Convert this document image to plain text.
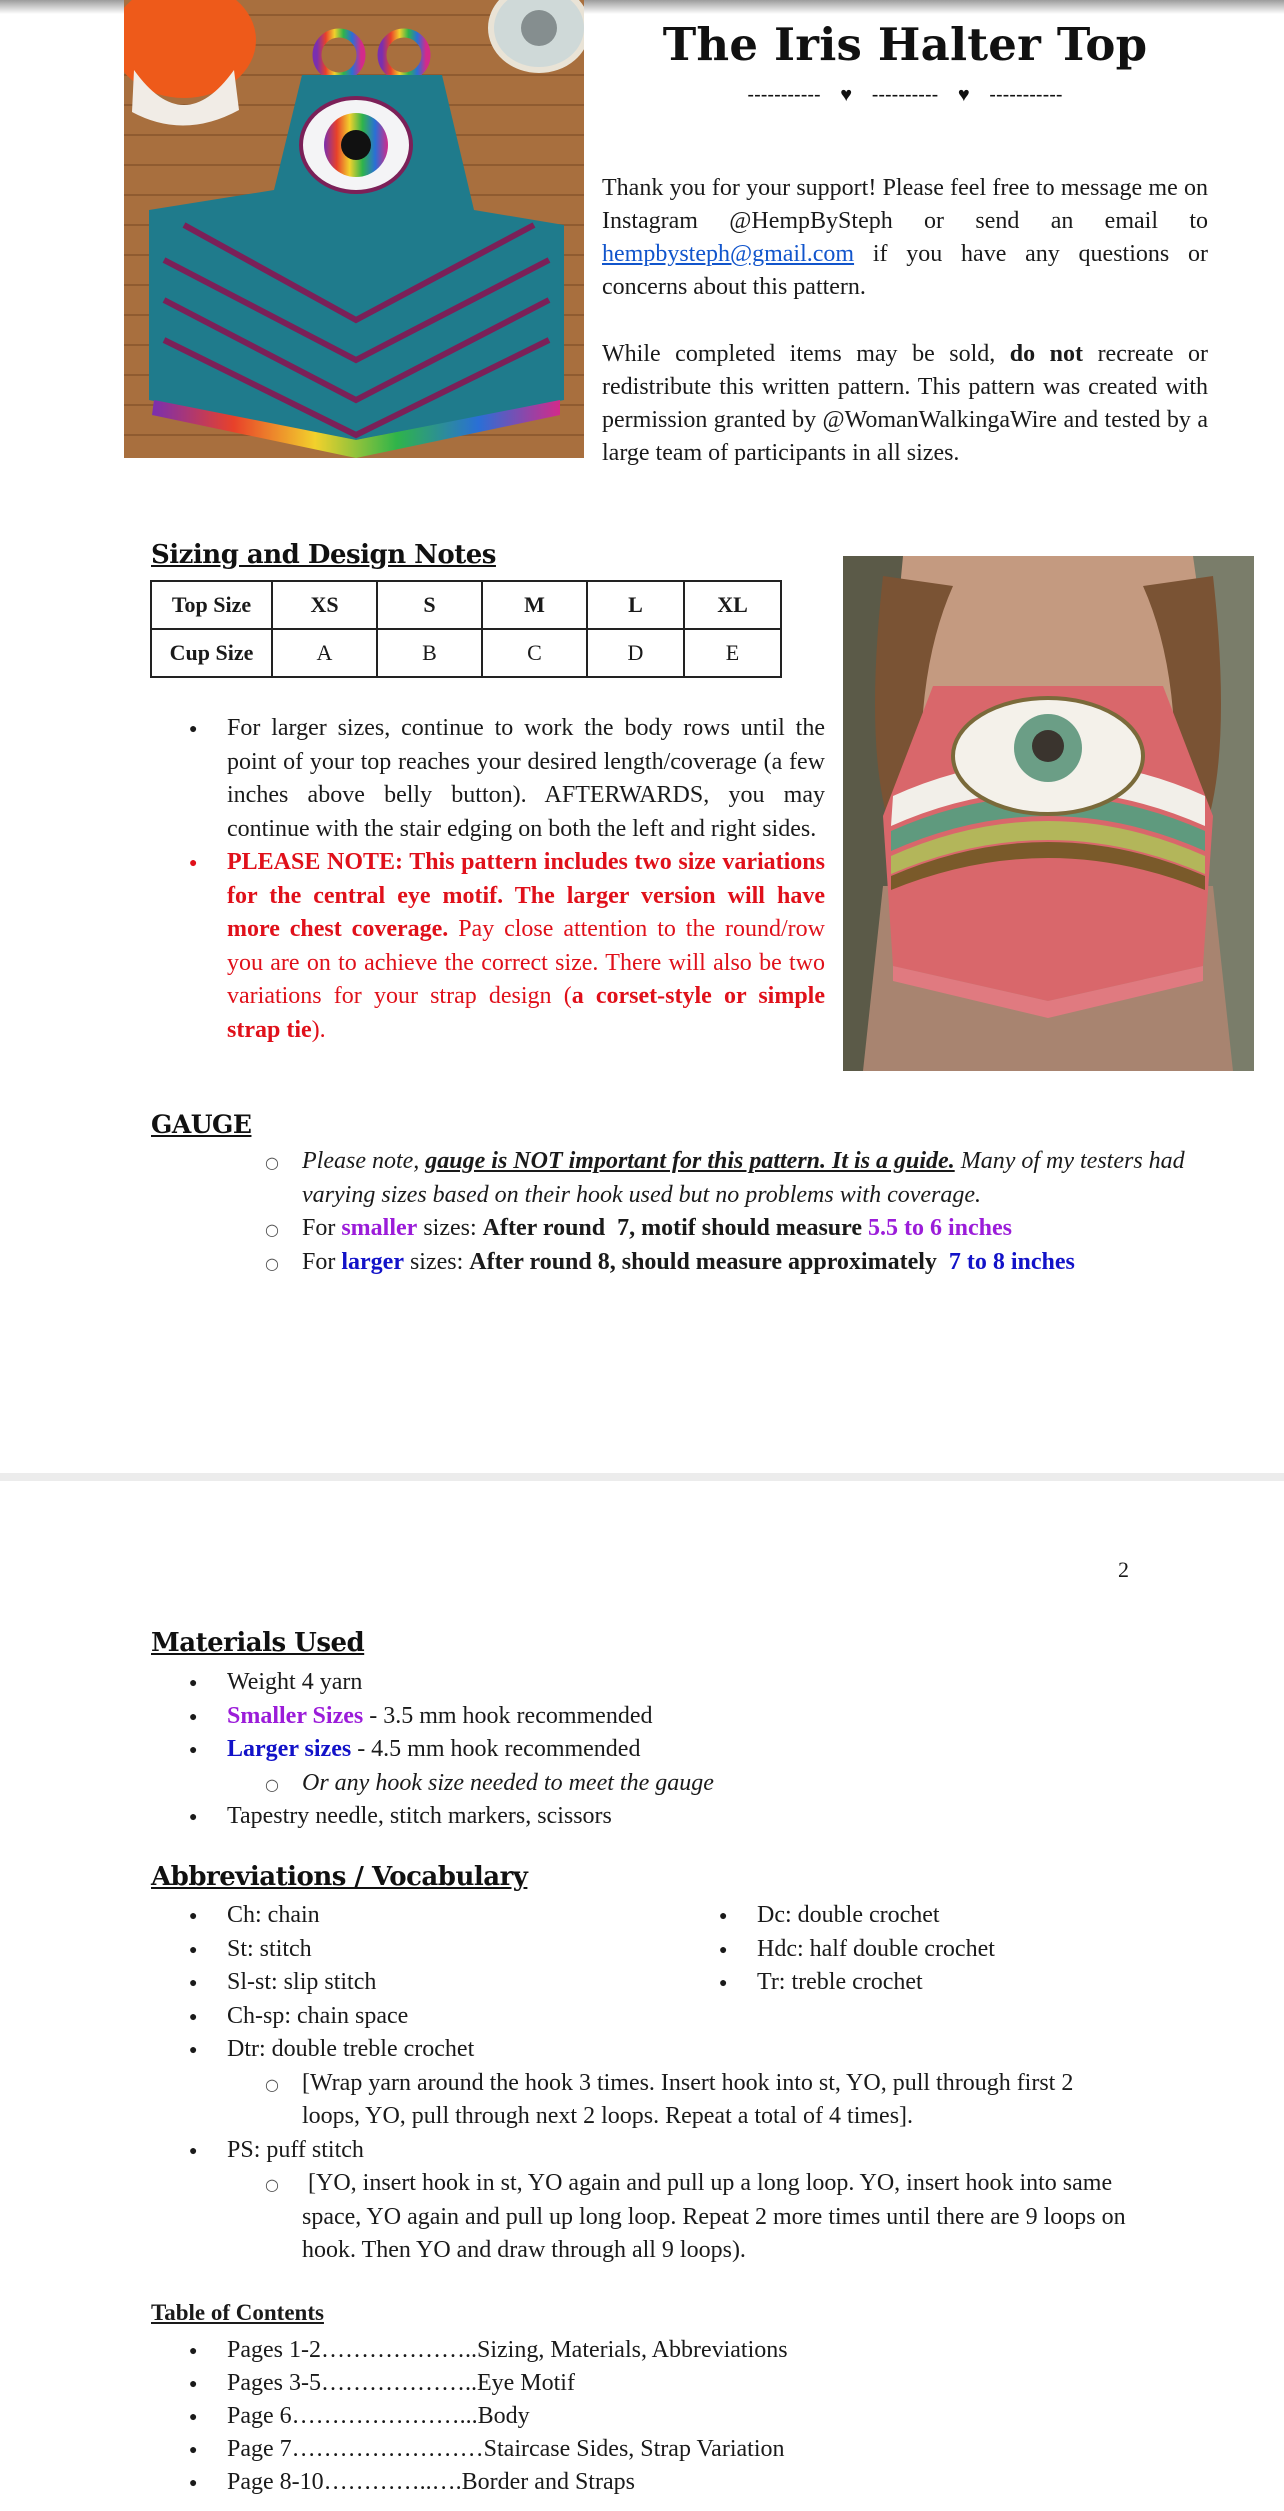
The Iris Halter Top
----------- ♥ ---------- ♥ -----------

Thank you for your support! Please feel free to message me on Instagram @HempBySteph or send an email to hempbysteph@gmail.com if you have any questions or concerns about this pattern.

While completed items may be sold, do not recreate or redistribute this written pattern. This pattern was created with permission granted by @WomanWalkingaWire and tested by a large team of participants in all sizes.

Sizing and Design Notes
Top Size	XS	S	M	L	XL
Cup Size	A	B	C	D	E
● For larger sizes, continue to work the body rows until the point of your top reaches your desired length/coverage (a few inches above belly button). AFTERWARDS, you may continue with the stair edging on both the left and right sides.
● PLEASE NOTE: This pattern includes two size variations for the central eye motif. The larger version will have more chest coverage. Pay close attention to the round/row you are on to achieve the correct size. There will also be two variations for your strap design (a corset-style or simple strap tie).
GAUGE
○ Please note, gauge is NOT important for this pattern. It is a guide. Many of my testers had varying sizes based on their hook used but no problems with coverage.
○ For smaller sizes: After round  7, motif should measure 5.5 to 6 inches
○ For larger sizes: After round 8, should measure approximately  7 to 8 inches
2
Materials Used
● Weight 4 yarn
● Smaller Sizes - 3.5 mm hook recommended
● Larger sizes - 4.5 mm hook recommended
○ Or any hook size needed to meet the gauge
● Tapestry needle, stitch markers, scissors
Abbreviations / Vocabulary
● Ch: chain
● St: stitch
● Sl-st: slip stitch
● Ch-sp: chain space
● Dtr: double treble crochet
○ [Wrap yarn around the hook 3 times. Insert hook into st, YO, pull through first 2 loops, YO, pull through next 2 loops. Repeat a total of 4 times].
● PS: puff stitch
○  [YO, insert hook in st, YO again and pull up a long loop. YO, insert hook into same space, YO again and pull up long loop. Repeat 2 more times until there are 9 loops on hook. Then YO and draw through all 9 loops).
● Dc: double crochet
● Hdc: half double crochet
● Tr: treble crochet
Table of Contents
● Pages 1-2………………..Sizing, Materials, Abbreviations
● Pages 3-5………………..Eye Motif
● Page 6…………………...Body
● Page 7……………………Staircase Sides, Strap Variation
● Page 8-10…………..….Border and Straps
